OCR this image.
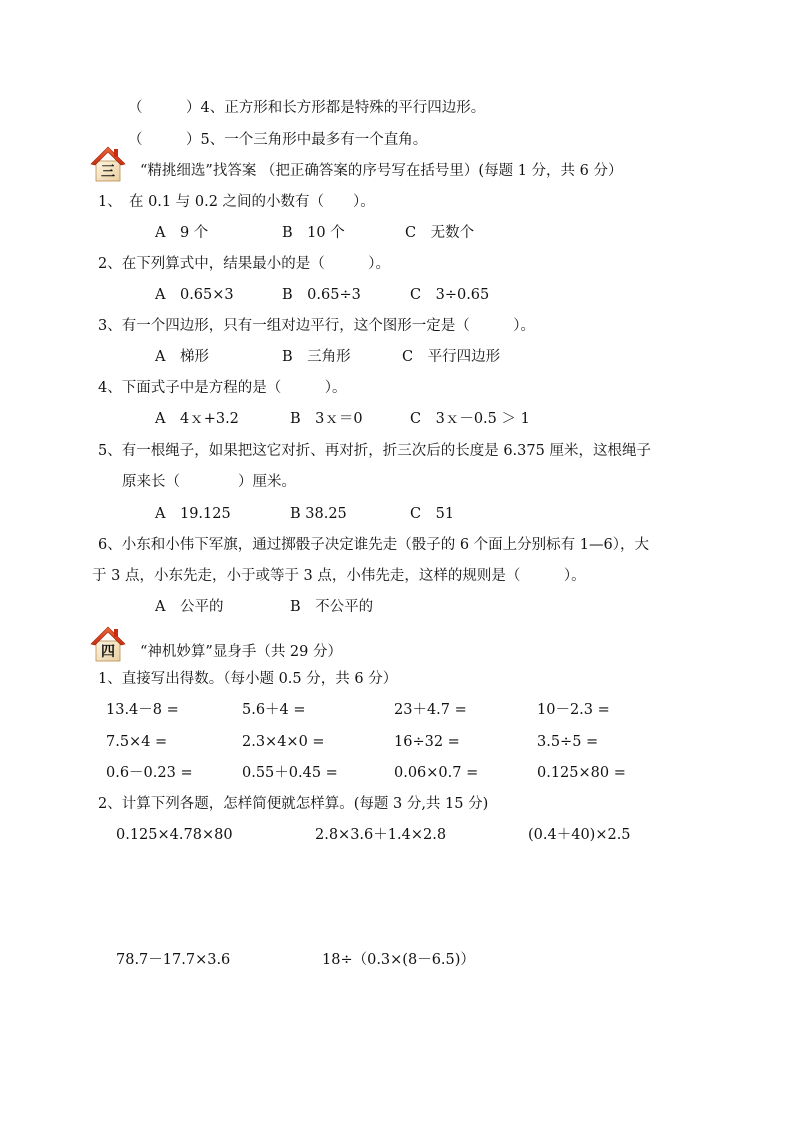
（　　　）4、正方形和长方形都是特殊的平行四边形。
（　　　）5、一个三角形中最多有一个直角。
三 “精挑细选”找答案 （把正确答案的序号写在括号里）(每题 1 分，共 6 分）
1、　在 0.1 与 0.2 之间的小数有（　　）。
A　9 个	B　10 个	C　无数个
2、在下列算式中，结果最小的是（　　　）。
A　0.65×3	B　0.65÷3	C　3÷0.65
3、有一个四边形，只有一组对边平行，这个图形一定是（　　　）。
A　梯形	B　三角形	C　平行四边形
4、下面式子中是方程的是（　　　）。
A　4ｘ+3.2	B　3ｘ＝0	C　3ｘ－0.5 ＞ 1
5、有一根绳子，如果把这它对折、再对折，折三次后的长度是 6.375 厘米，这根绳子
原来长（　　　　）厘米。
A　19.125	B 38.25	C　51
6、小东和小伟下军旗，通过掷骰子决定谁先走（骰子的 6 个面上分别标有 1—6），大
于 3 点，小东先走，小于或等于 3 点，小伟先走，这样的规则是（　　　）。
A　公平的	B　不公平的
四 “神机妙算”显身手（共 29 分）
1、直接写出得数。（每小题 0.5 分，共 6 分）
13.4－8 =	5.6＋4 =	23＋4.7 =	10－2.3 =
7.5×4 =	2.3×4×0 =	16÷32 =	3.5÷5 =
0.6－0.23 =	0.55＋0.45 =	0.06×0.7 =	0.125×80 =
2、计算下列各题，怎样简便就怎样算。(每题 3 分,共 15 分)
0.125×4.78×80	2.8×3.6＋1.4×2.8	(0.4＋40)×2.5
78.7－17.7×3.6	18÷（0.3×(8－6.5)）
